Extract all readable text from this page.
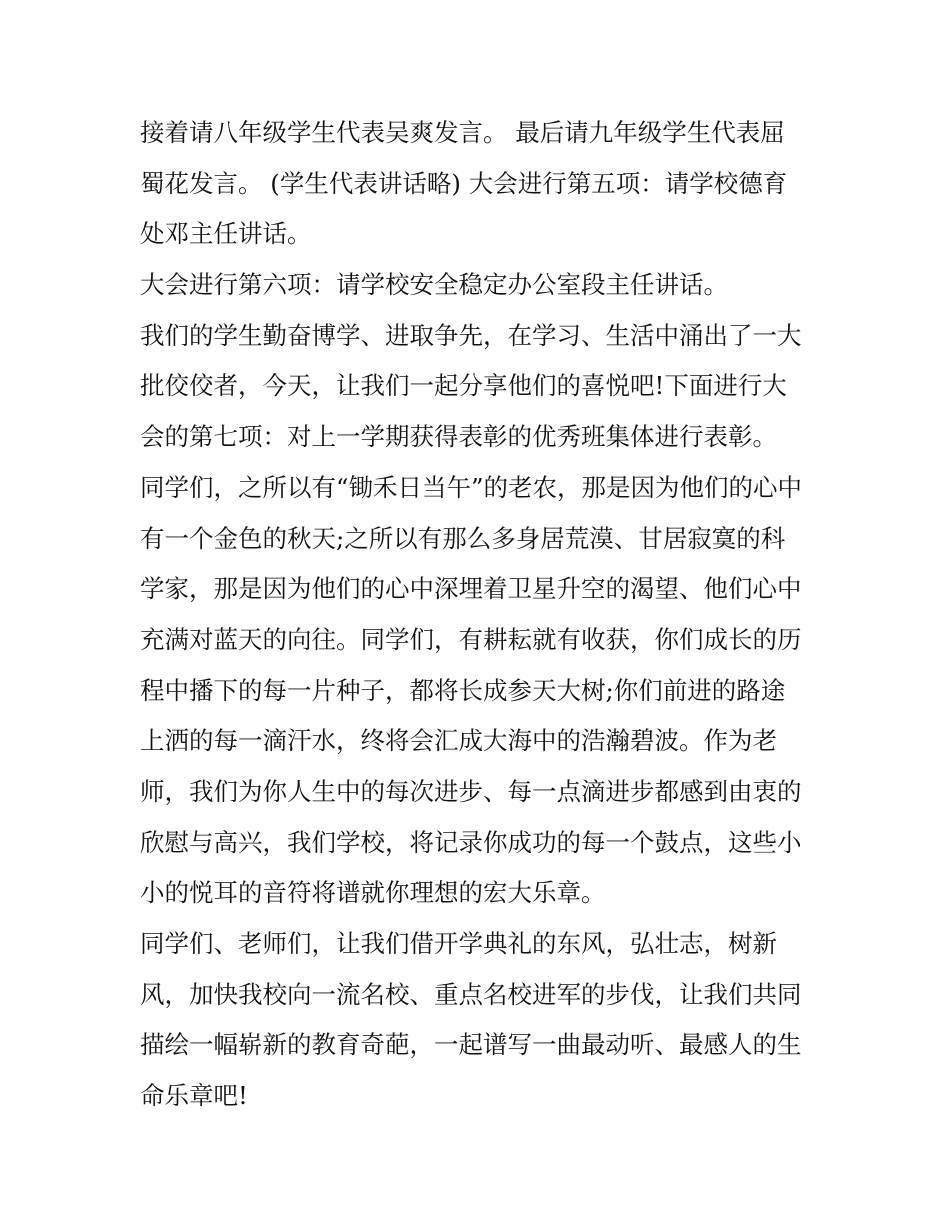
接着请八年级学生代表吴爽发言。 最后请九年级学生代表屈
蜀花发言。 (学生代表讲话略) 大会进行第五项：请学校德育
处邓主任讲话。

大会进行第六项：请学校安全稳定办公室段主任讲话。

我们的学生勤奋博学、进取争先，在学习、生活中涌出了一大
批佼佼者，今天，让我们一起分享他们的喜悦吧!下面进行大
会的第七项：对上一学期获得表彰的优秀班集体进行表彰。

同学们，之所以有“锄禾日当午”的老农，那是因为他们的心中
有一个金色的秋天;之所以有那么多身居荒漠、甘居寂寞的科
学家，那是因为他们的心中深埋着卫星升空的渴望、他们心中
充满对蓝天的向往。同学们，有耕耘就有收获，你们成长的历
程中播下的每一片种子，都将长成参天大树;你们前进的路途
上洒的每一滴汗水，终将会汇成大海中的浩瀚碧波。作为老
师，我们为你人生中的每次进步、每一点滴进步都感到由衷的
欣慰与高兴，我们学校，将记录你成功的每一个鼓点，这些小
小的悦耳的音符将谱就你理想的宏大乐章。

同学们、老师们，让我们借开学典礼的东风，弘壮志，树新
风，加快我校向一流名校、重点名校进军的步伐，让我们共同
描绘一幅崭新的教育奇葩，一起谱写一曲最动听、最感人的生
命乐章吧!
